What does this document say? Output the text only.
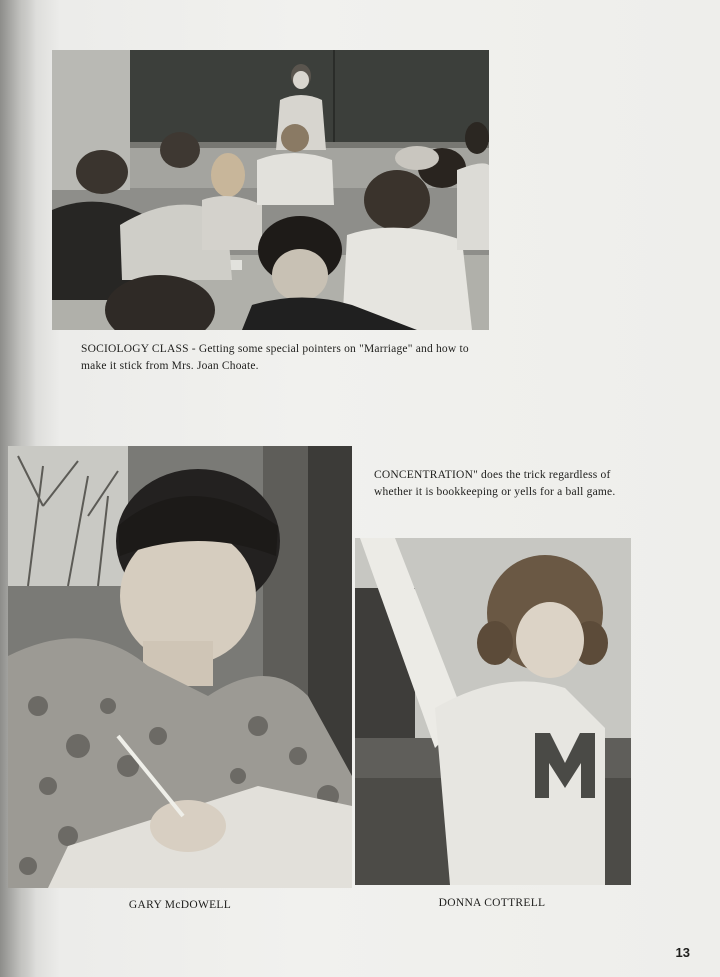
SOCIOLOGY CLASS - Getting some special pointers on "Marriage" and how to make it stick from Mrs. Joan Choate.
CONCENTRATION" does the trick regardless of whether it is bookkeeping or yells for a ball game.
GARY McDOWELL	DONNA COTTRELL
13
